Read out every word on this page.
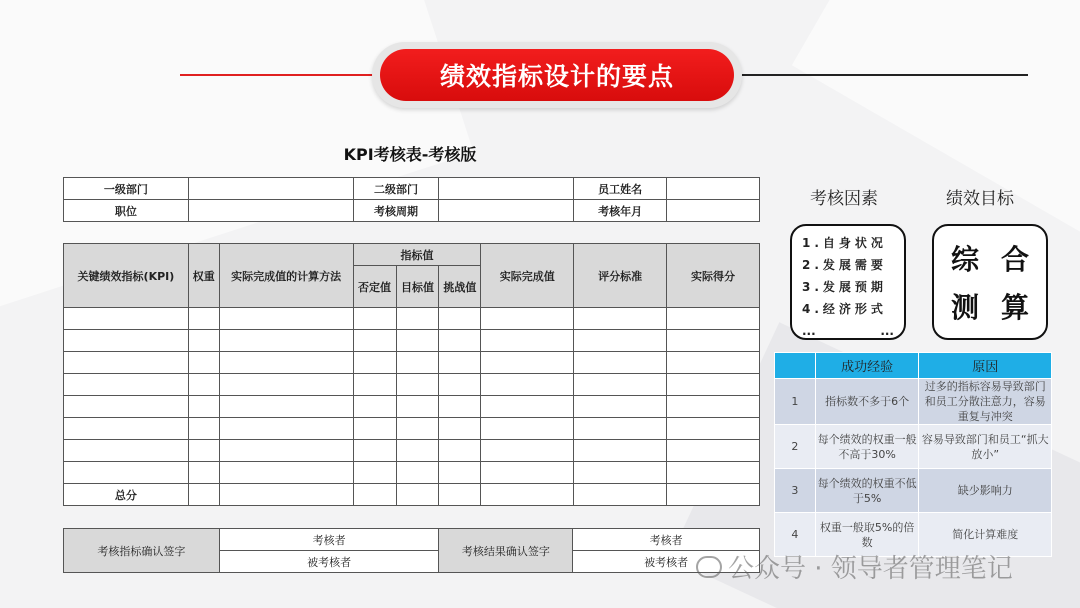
绩效指标设计的要点
KPI考核表-考核版
一级部门		二级部门		员工姓名	
职位		考核周期		考核年月	
关键绩效指标(KPI)	权重	实际完成值的计算方法	指标值			实际完成值	评分标准	实际得分
			否定值	目标值	挑战值			

总分								
考核指标确认签字	考核者	考核结果确认签字	考核者
	被考核者		被考核者
考核因素	绩效目标
1.自身状况
2.发展需要
3.发展预期
4.经济形式
...	...
综 合
测 算
	成功经验	原因
1	指标数不多于6个	过多的指标容易导致部门和员工分散注意力，容易重复与冲突
2	每个绩效的权重一般不高于30%	容易导致部门和员工“抓大放小”
3	每个绩效的权重不低于5%	缺少影响力
4	权重一般取5%的倍数	简化计算难度
公众号 · 领导者管理笔记
